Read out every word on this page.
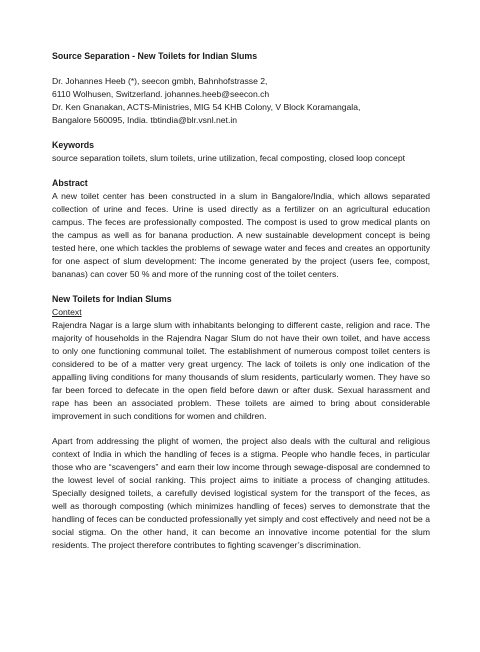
Source Separation - New Toilets for Indian Slums

Dr. Johannes Heeb (*), seecon gmbh, Bahnhofstrasse 2,

6110 Wolhusen, Switzerland. johannes.heeb@seecon.ch

Dr. Ken Gnanakan, ACTS-Ministries, MIG 54 KHB Colony, V Block Koramangala,

Bangalore 560095, India. tbtindia@blr.vsnl.net.in

Keywords

source separation toilets, slum toilets, urine utilization, fecal composting, closed loop concept

Abstract

A new toilet center has been constructed in a slum in Bangalore/India, which allows separated collection of urine and feces. Urine is used directly as a fertilizer on an agricultural education campus. The feces are professionally composted. The compost is used to grow medical plants on the campus as well as for banana production. A new sustainable development concept is being tested here, one which tackles the problems of sewage water and feces and creates an opportunity for one aspect of slum development: The income generated by the project (users fee, compost, bananas) can cover 50 % and more of the running cost of the toilet centers.

New Toilets for Indian Slums

Context

Rajendra Nagar is a large slum with inhabitants belonging to different caste, religion and race. The majority of households in the Rajendra Nagar Slum do not have their own toilet, and have access to only one functioning communal toilet. The establishment of numerous compost toilet centers is considered to be of a matter very great urgency. The lack of toilets is only one indication of the appalling living conditions for many thousands of slum residents, particularly women. They have so far been forced to defecate in the open field before dawn or after dusk. Sexual harassment and rape has been an associated problem. These toilets are aimed to bring about considerable improvement in such conditions for women and children.

Apart from addressing the plight of women, the project also deals with the cultural and religious context of India in which the handling of feces is a stigma. People who handle feces, in particular those who are “scavengers” and earn their low income through sewage-disposal are condemned to the lowest level of social ranking. This project aims to initiate a process of changing attitudes. Specially designed toilets, a carefully devised logistical system for the transport of the feces, as well as thorough composting (which minimizes handling of feces) serves to demonstrate that the handling of feces can be conducted professionally yet simply and cost effectively and need not be a social stigma. On the other hand, it can become an innovative income potential for the slum residents. The project therefore contributes to fighting scavenger’s discrimination.
